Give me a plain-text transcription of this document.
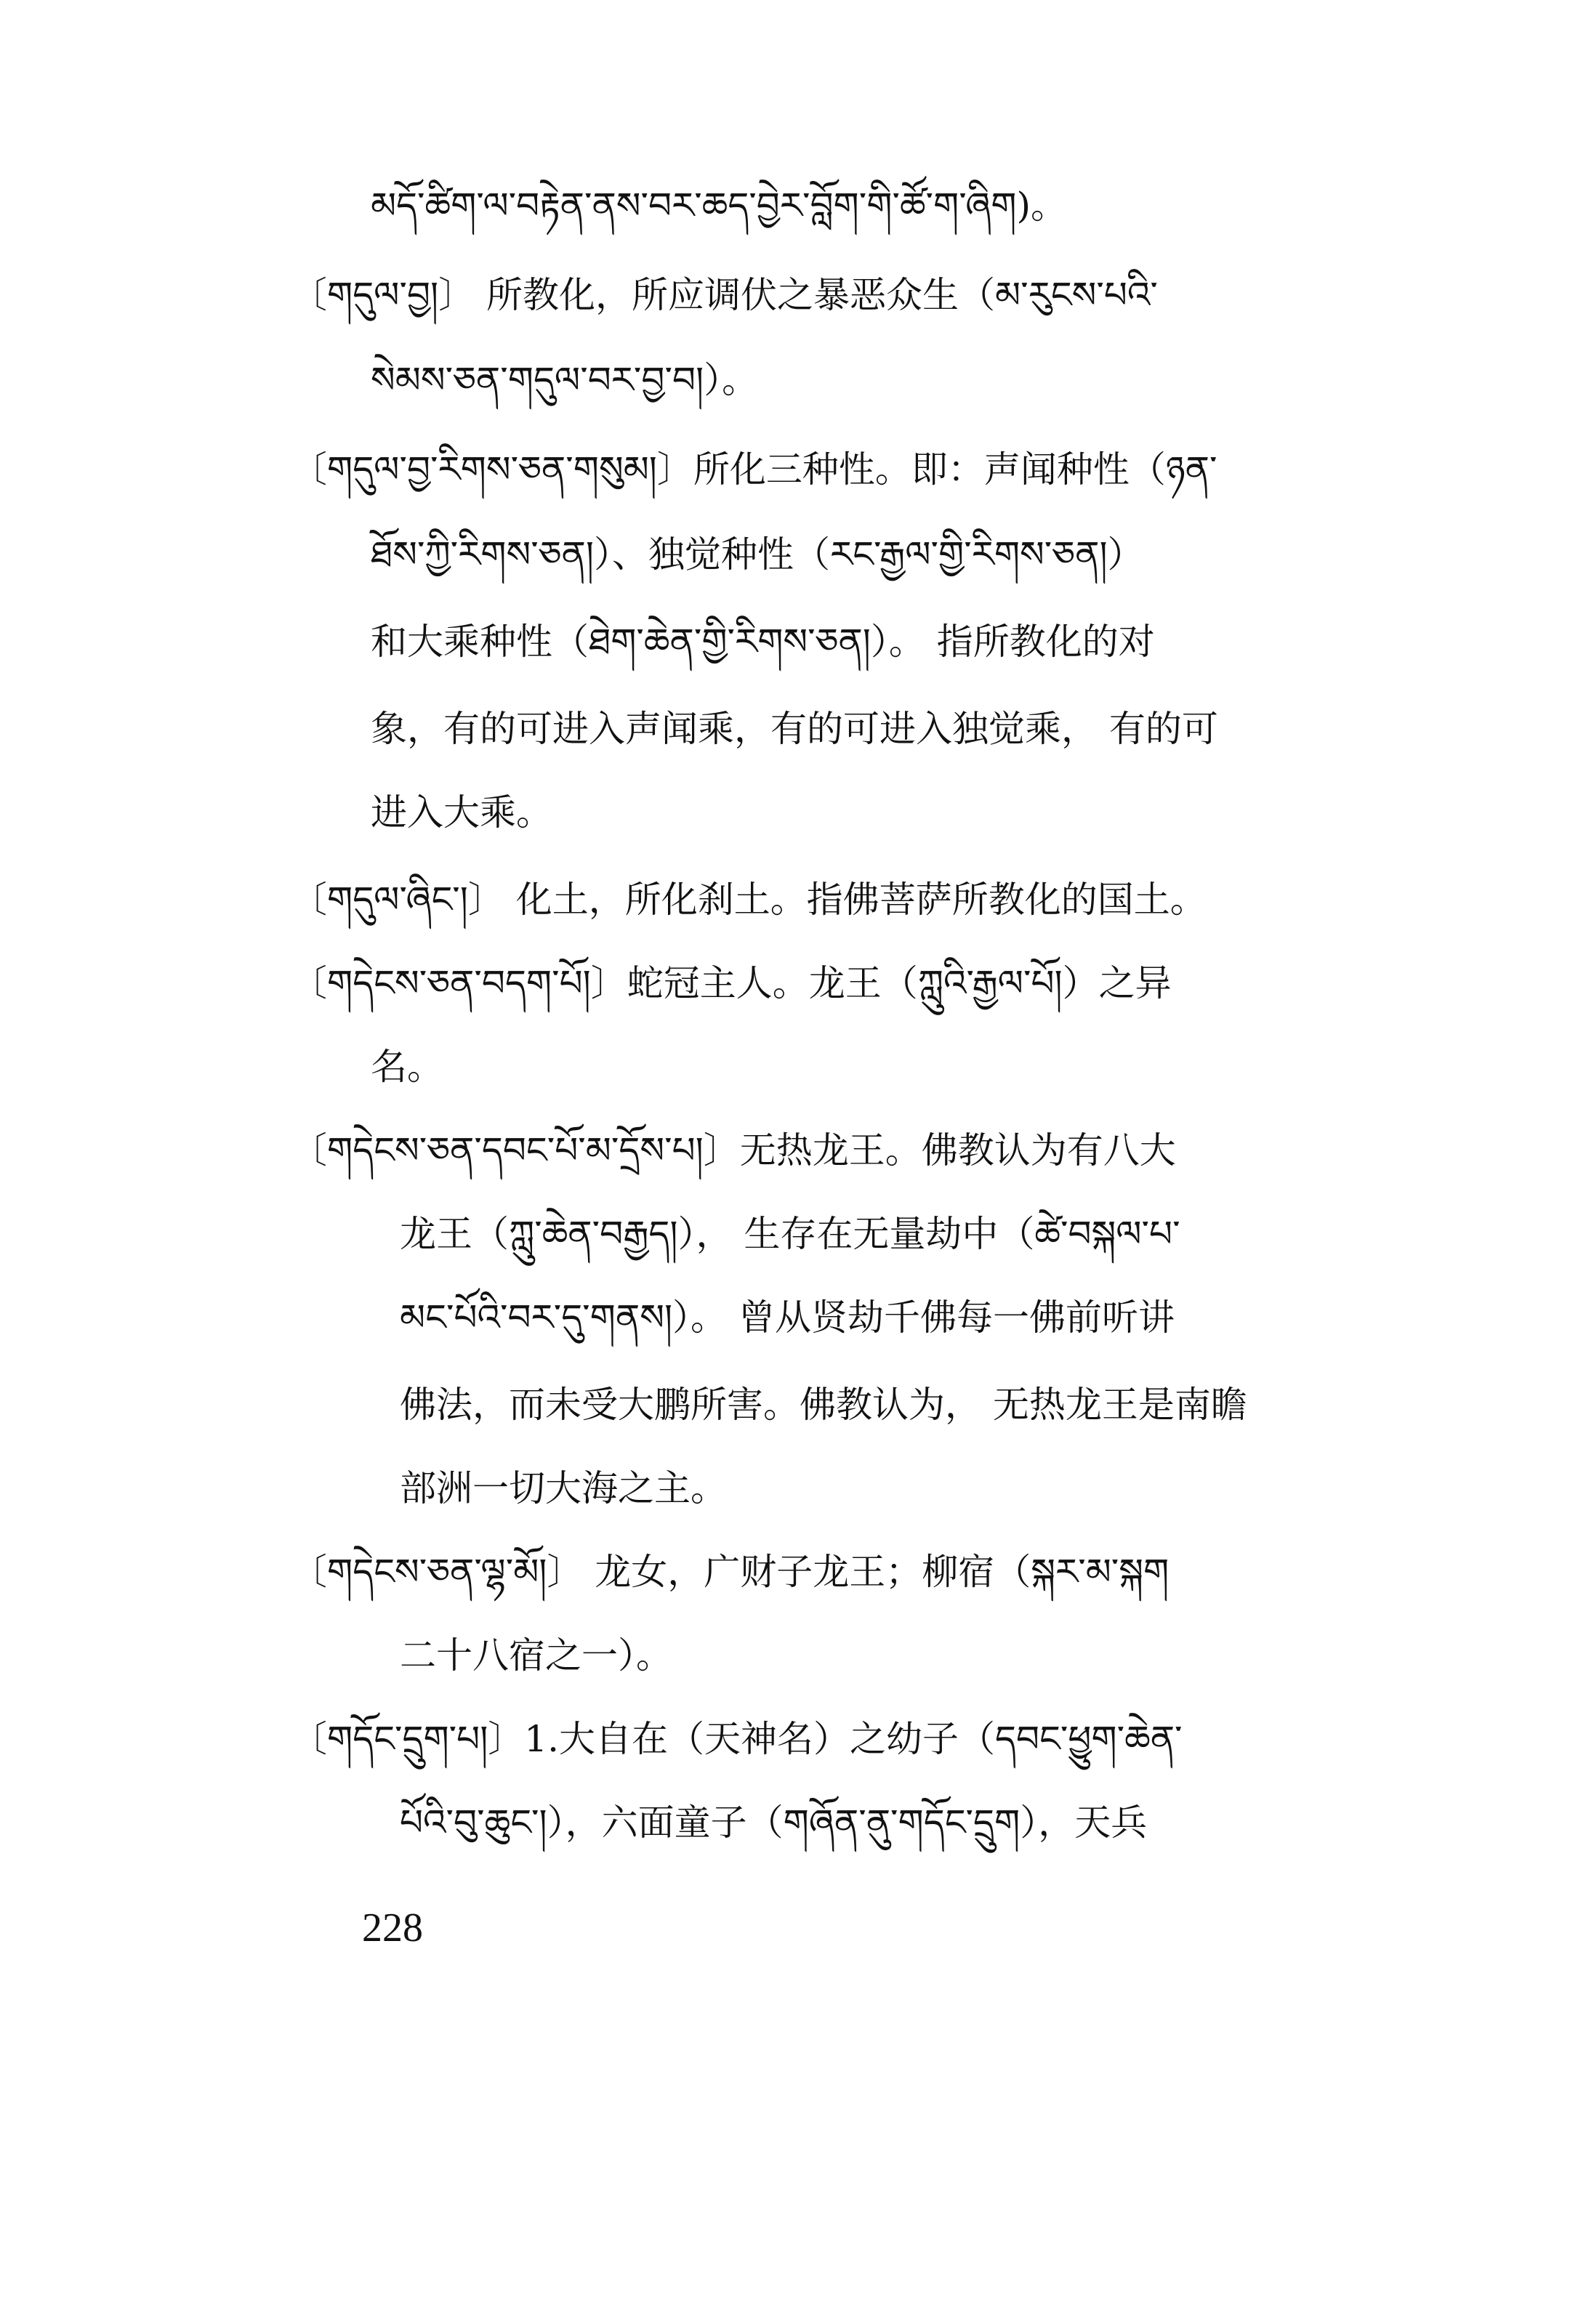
མདོ་ཚིག་ལ་བརྟེན་ནས་བར་ཆད་བྱེར་བློག་གི་ཚོ་ག་ཞིག)。
〔གདུལ་བྱ།〕 所教化，所应调伏之暴恶众生（མ་རུངས་པའི་
སེམས་ཅན་གདུལ་བར་བྱ་བ།）。
〔གདུལ་བྱ་རིགས་ཅན་གསུམ།〕所化三种性。即：声闻种性（ཉན་
ཐོས་ཀྱི་རིགས་ཅན།）、独觉种性（རང་རྒྱལ་གྱི་རིགས་ཅན།）
和大乘种性（ཐེག་ཆེན་གྱི་རིགས་ཅན།）。 指所教化的对
象，有的可进入声闻乘，有的可进入独觉乘， 有的可
进入大乘。
〔གདུལ་ཞིང་།〕 化土，所化刹土。指佛菩萨所教化的国土。
〔གདེངས་ཅན་བདག་པོ།〕蛇冠主人。龙王（ཀླུའི་རྒྱལ་པོ།）之异
名。
〔གདེངས་ཅན་དབང་པོ་མ་དྲོས་པ།〕无热龙王。佛教认为有八大
龙王（ཀླུ་ཆེན་བརྒྱད།）， 生存在无量劫中（ཚེ་བསྐལ་པ་
མང་པོའི་བར་དུ་གནས།）。 曾从贤劫千佛每一佛前听讲
佛法，而未受大鹏所害。佛教认为， 无热龙王是南瞻
部洲一切大海之主。
〔གདེངས་ཅན་ལྷ་མོ།〕 龙女，广财子龙王；柳宿（སྐར་མ་སྐག
二十八宿之一）。
〔གདོང་དྲུག་པ།〕1.大自在（天神名）之幼子（དབང་ཕྱུག་ཆེན་
པོའི་བུ་ཆུང་།），六面童子（གཞོན་ནུ་གདོང་དྲུག），天兵
228
